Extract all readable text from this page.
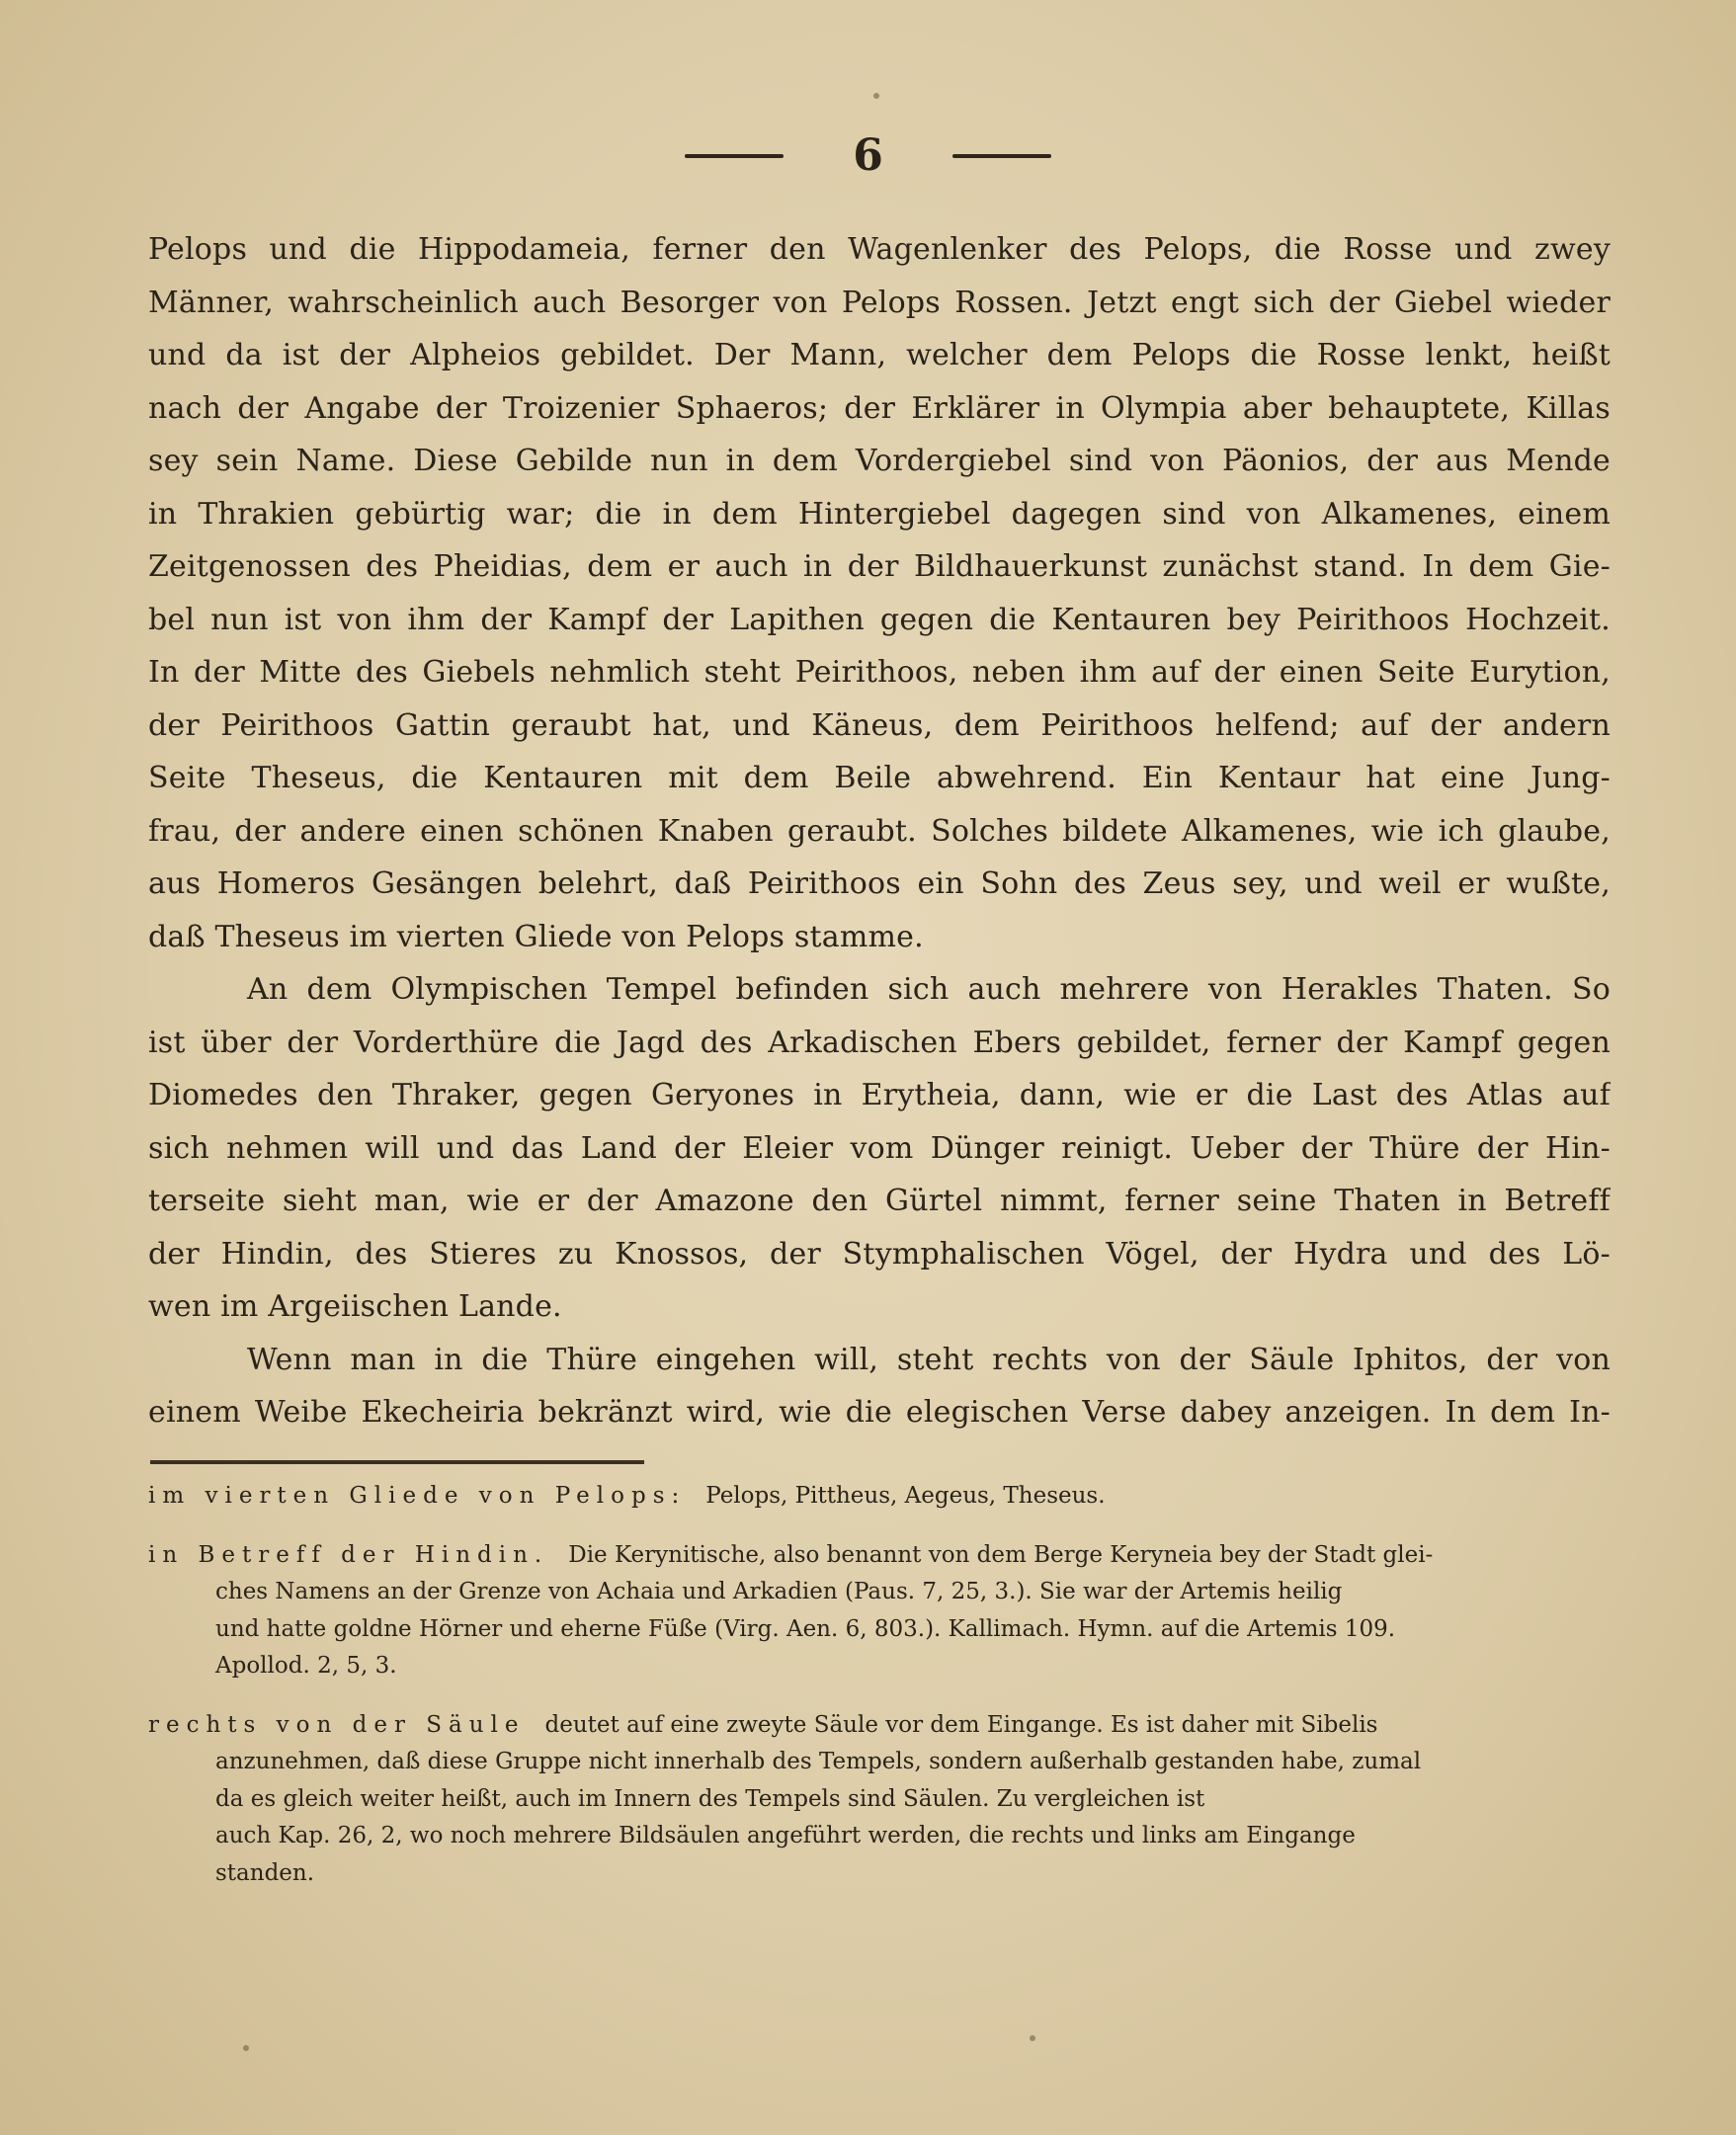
6
Pelops und die Hippodameia, ferner den Wagenlenker des Pelops, die Rosse und zwey
Männer, wahrscheinlich auch Besorger von Pelops Rossen. Jetzt engt sich der Giebel wieder
und da ist der Alpheios gebildet. Der Mann, welcher dem Pelops die Rosse lenkt, heißt
nach der Angabe der Troizenier Sphaeros; der Erklärer in Olympia aber behauptete, Killas
sey sein Name. Diese Gebilde nun in dem Vordergiebel sind von Päonios, der aus Mende
in Thrakien gebürtig war; die in dem Hintergiebel dagegen sind von Alkamenes, einem
Zeitgenossen des Pheidias, dem er auch in der Bildhauerkunst zunächst stand. In dem Gie-
bel nun ist von ihm der Kampf der Lapithen gegen die Kentauren bey Peirithoos Hochzeit.
In der Mitte des Giebels nehmlich steht Peirithoos, neben ihm auf der einen Seite Eurytion,
der Peirithoos Gattin geraubt hat, und Käneus, dem Peirithoos helfend; auf der andern
Seite Theseus, die Kentauren mit dem Beile abwehrend. Ein Kentaur hat eine Jung-
frau, der andere einen schönen Knaben geraubt. Solches bildete Alkamenes, wie ich glaube,
aus Homeros Gesängen belehrt, daß Peirithoos ein Sohn des Zeus sey, und weil er wußte,
daß Theseus im vierten Gliede von Pelops stamme.
An dem Olympischen Tempel befinden sich auch mehrere von Herakles Thaten. So
ist über der Vorderthüre die Jagd des Arkadischen Ebers gebildet, ferner der Kampf gegen
Diomedes den Thraker, gegen Geryones in Erytheia, dann, wie er die Last des Atlas auf
sich nehmen will und das Land der Eleier vom Dünger reinigt. Ueber der Thüre der Hin-
terseite sieht man, wie er der Amazone den Gürtel nimmt, ferner seine Thaten in Betreff
der Hindin, des Stieres zu Knossos, der Stymphalischen Vögel, der Hydra und des Lö-
wen im Argeiischen Lande.
Wenn man in die Thüre eingehen will, steht rechts von der Säule Iphitos, der von
einem Weibe Ekecheiria bekränzt wird, wie die elegischen Verse dabey anzeigen. In dem In-
im vierten Gliede von Pelops: Pelops, Pittheus, Aegeus, Theseus.
in Betreff der Hindin. Die Kerynitische, also benannt von dem Berge Keryneia bey der Stadt glei-
ches Namens an der Grenze von Achaia und Arkadien (Paus. 7, 25, 3.). Sie war der Artemis heilig
und hatte goldne Hörner und eherne Füße (Virg. Aen. 6, 803.). Kallimach. Hymn. auf die Artemis 109.
Apollod. 2, 5, 3.
rechts von der Säule deutet auf eine zweyte Säule vor dem Eingange. Es ist daher mit Sibelis
anzunehmen, daß diese Gruppe nicht innerhalb des Tempels, sondern außerhalb gestanden habe, zumal
da es gleich weiter heißt, auch im Innern des Tempels sind Säulen. Zu vergleichen ist
auch Kap. 26, 2, wo noch mehrere Bildsäulen angeführt werden, die rechts und links am Eingange
standen.
